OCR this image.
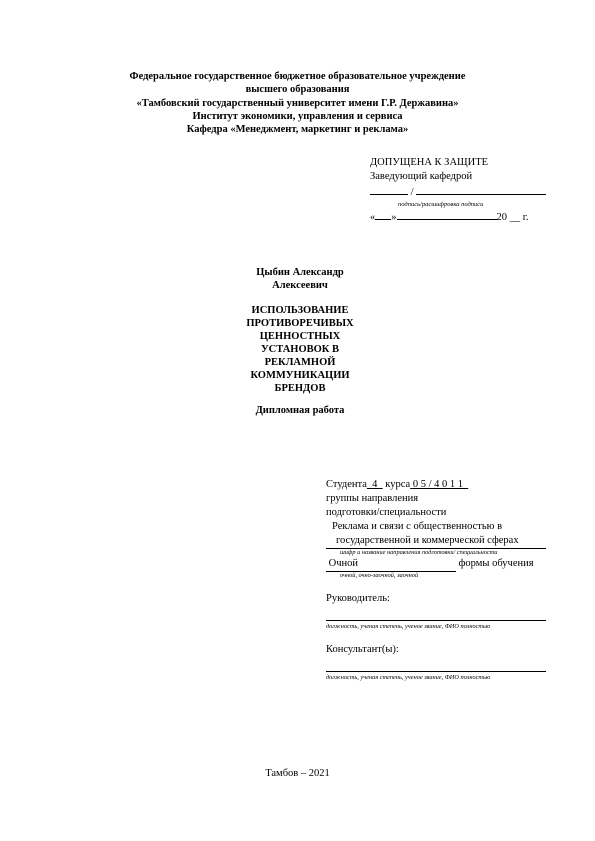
Федеральное государственное бюджетное образовательное учреждение
высшего образования
«Тамбовский государственный университет имени Г.Р. Державина»
Институт экономики, управления и сервиса
Кафедра «Менеджмент, маркетинг и реклама»
ДОПУЩЕНА К ЗАЩИТЕ
Заведующий кафедрой
/
подпись/расшифровка подписи
« »	20 __ г.
Цыбин Александр
Алексеевич
ИСПОЛЬЗОВАНИЕ
ПРОТИВОРЕЧИВЫХ
ЦЕННОСТНЫХ
УСТАНОВОК В
РЕКЛАМНОЙ
КОММУНИКАЦИИ
БРЕНДОВ
Дипломная работа
Студента 4 курса 0 5 / 4 0 1 1
группы направления
подготовки/специальности
Реклама и связи с общественностью в
государственной и коммерческой сферах
шифр и название направления подготовки/ специальности
Очной	формы обучения
очной, очно-заочной, заочной
Руководитель:
должность, ученая степень, ученое звание, ФИО полностью
Консультант(ы):
должность, ученая степень, ученое звание, ФИО полностью
Тамбов – 2021
